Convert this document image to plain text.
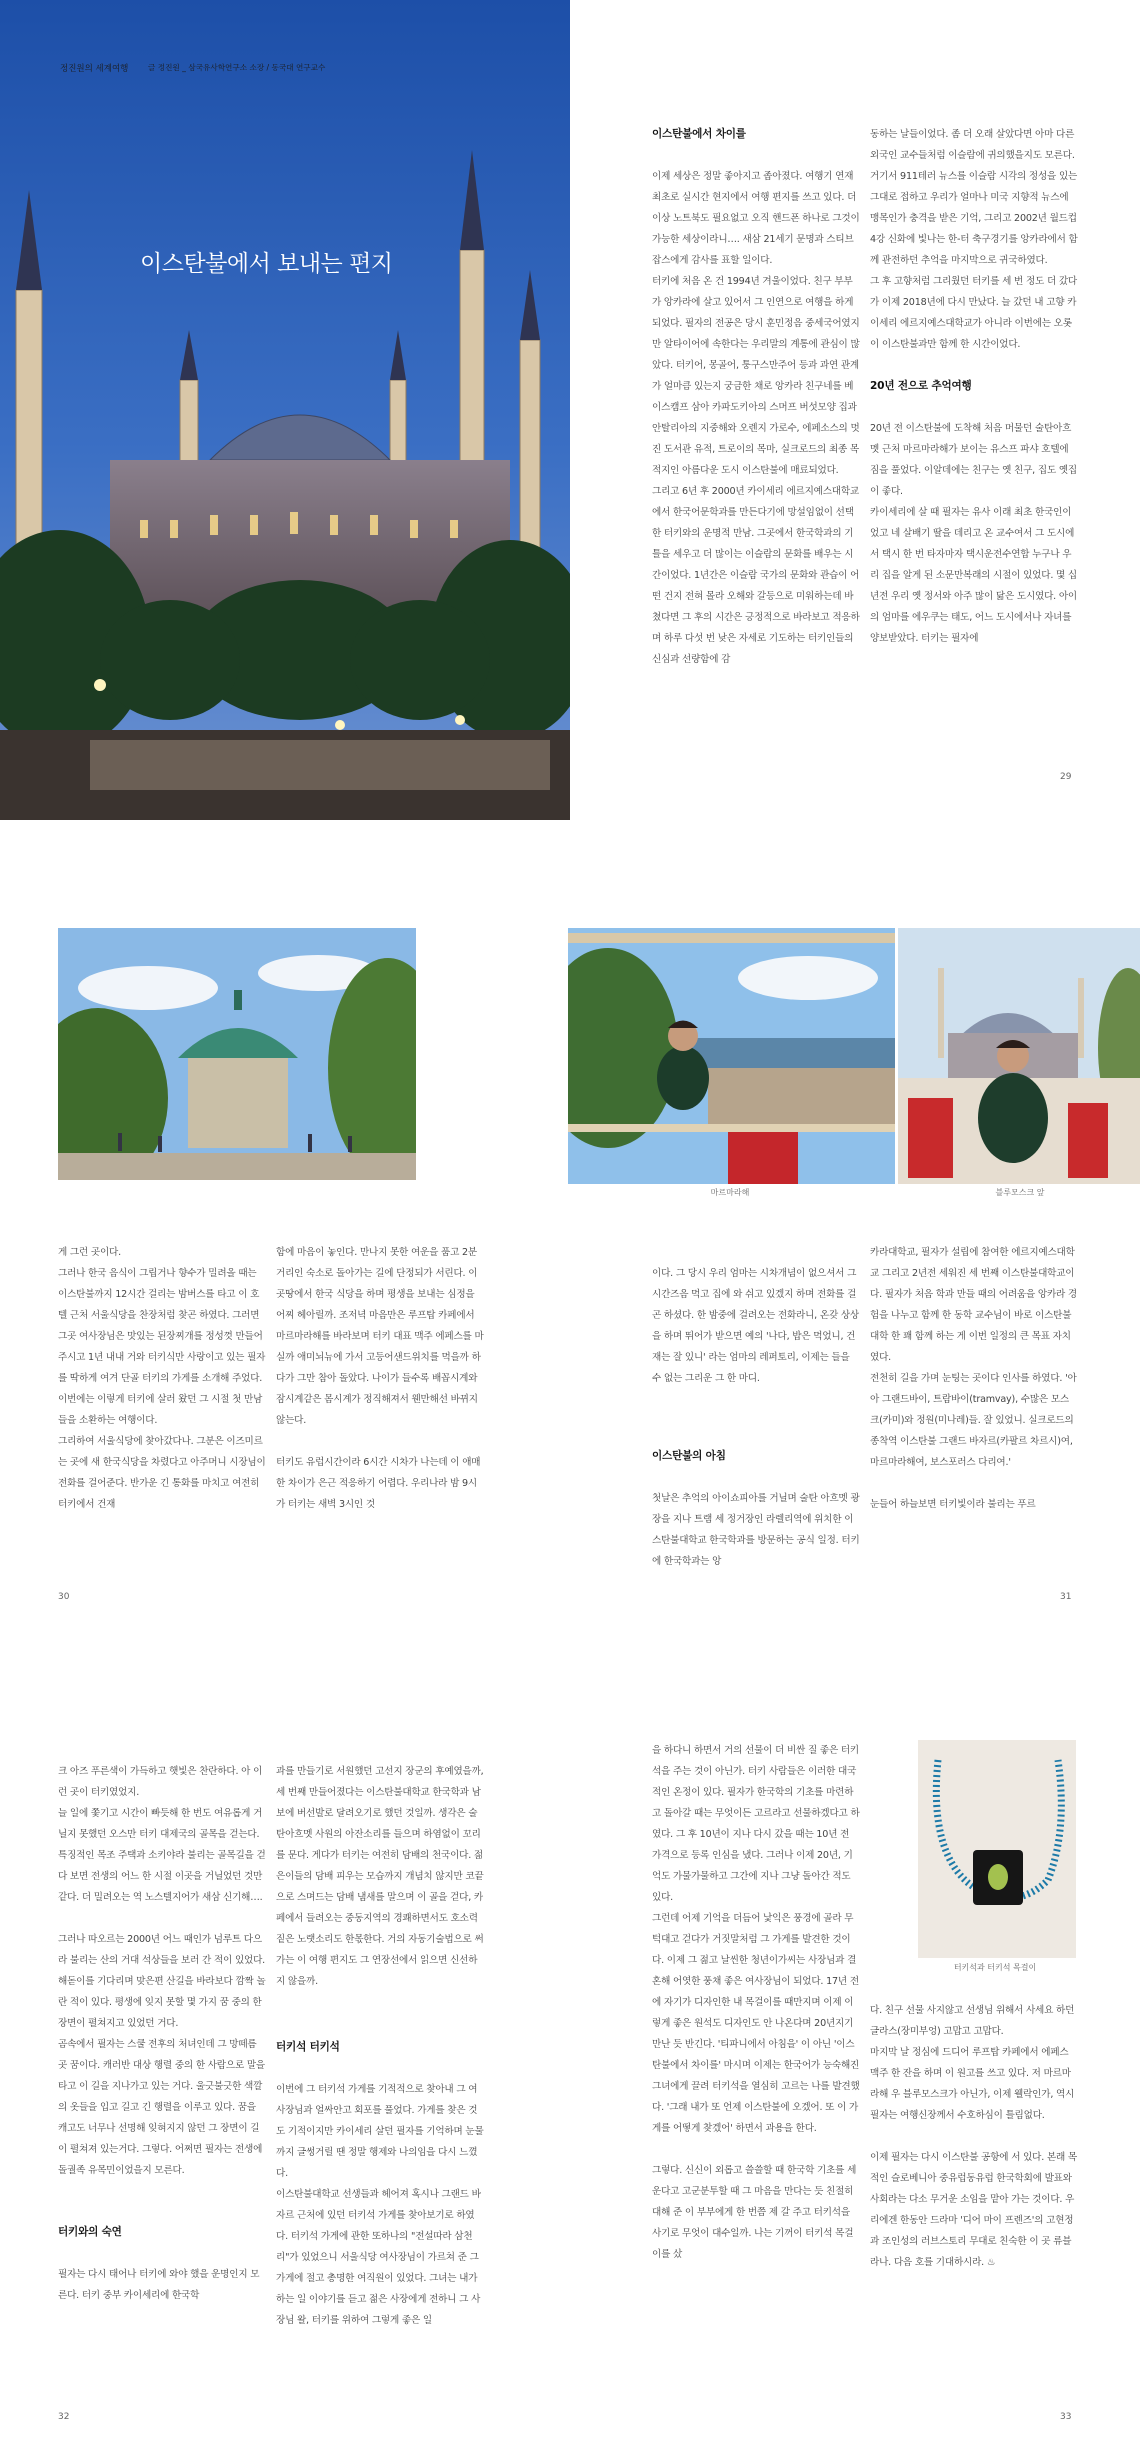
정진원의 세계여행	글 정진원 _ 삼국유사학연구소 소장 / 동국대 연구교수
이스탄불에서 보내는 편지

이스탄불에서 차이를

이제 세상은 정말 좋아지고 좁아졌다. 여행기 연재 최초로 실시간 현지에서 여행 편지를 쓰고 있다. 더 이상 노트북도 필요없고 오직 핸드폰 하나로 그것이 가능한 세상이라니…. 새삼 21세기 문명과 스티브 잡스에게 감사를 표할 일이다.
터키에 처음 온 건 1994년 겨울이었다. 친구 부부가 앙카라에 살고 있어서 그 인연으로 여행을 하게 되었다. 필자의 전공은 당시 훈민정음 중세국어였지만 알타이어에 속한다는 우리말의 계통에 관심이 많았다. 터키어, 몽골어, 퉁구스만주어 등과 과연 관계가 얼마큼 있는지 궁금한 채로 앙카라 친구네를 베이스캠프 삼아 카파도키아의 스머프 버섯모양 집과 안탈리아의 지중해와 오렌지 가로수, 에페소스의 멋진 도서관 유적, 트로이의 목마, 실크로드의 최종 목적지인 아름다운 도시 이스탄불에 매료되었다.
그리고 6년 후 2000년 카이세리 에르지예스대학교에서 한국어문학과를 만든다기에 망설임없이 선택한 터키와의 운명적 만남. 그곳에서 한국학과의 기틀을 세우고 더 많이는 이슬람의 문화를 배우는 시간이었다. 1년간은 이슬람 국가의 문화와 관습이 어떤 건지 전혀 몰라 오해와 갈등으로 미워하는데 바쳤다면 그 후의 시간은 긍정적으로 바라보고 적응하며 하루 다섯 번 낮은 자세로 기도하는 터키인들의 신심과 선량함에 감

동하는 날들이었다. 좀 더 오래 살았다면 아마 다른 외국인 교수들처럼 이슬람에 귀의했을지도 모른다. 거기서 911테러 뉴스를 이슬람 시각의 정성을 있는 그대로 접하고 우리가 얼마나 미국 지향적 뉴스에 맹목인가 충격을 받은 기억, 그리고 2002년 월드컵 4강 신화에 빛나는 한-터 축구경기를 앙카라에서 함께 관전하던 추억을 마지막으로 귀국하였다.
그 후 고향처럼 그리웠던 터키를 세 번 정도 더 갔다가 이제 2018년에 다시 만났다. 늘 갔던 내 고향 카이세리 에르지예스대학교가 아니라 이번에는 오롯이 이스탄불과만 함께 한 시간이었다.

20년 전으로 추억여행

20년 전 이스탄불에 도착해 처음 머물던 술탄아흐멧 근처 마르마라해가 보이는 유스프 파샤 호텔에 짐을 풀었다. 이알데에는 친구는 옛 친구, 집도 옛집이 좋다.
카이세리에 살 때 필자는 유사 이래 최초 한국인이었고 네 살배기 딸을 데리고 온 교수여서 그 도시에서 택시 한 번 타자마자 택시운전수연합 누구나 우리 집을 알게 된 소문만복래의 시절이 있었다. 몇 십 년전 우리 옛 정서와 아주 많이 닮은 도시였다. 아이의 엄마를 에우쿠는 태도, 어느 도시에서나 자녀를 양보받았다. 터키는 필자에

29
마르마라해	블루모스크 앞
게 그런 곳이다.
그러나 한국 음식이 그립거나 향수가 밀려올 때는 이스탄불까지 12시간 걸리는 밤버스를 타고 이 호텔 근처 서울식당을 찬장처럼 찾곤 하였다. 그러면 그곳 여사장님은 맛있는 된장찌개를 정성껏 만들어 주시고 1년 내내 거와 터키식만 사랑이고 있는 필자를 딱하게 여겨 단골 터키의 가게를 소개해 주었다. 이번에는 이렇게 터키에 살러 왔던 그 시절 첫 만남들을 소환하는 여행이다.
그리하여 서울식당에 찾아갔다나. 그분은 이즈미르는 곳에 새 한국식당을 차렸다고 아주머니 시장님이 전화를 걸어준다. 반가운 긴 통화를 마치고 여전히 터키에서 건재
함에 마음이 놓인다. 만나지 못한 여운을 품고 2분 거리인 숙소로 돌아가는 길에 단정되가 서린다. 이곳땅에서 한국 식당을 하며 평생을 보내는 심정을 어찌 헤아릴까. 조저녁 마음만은 루프탑 카페에서 마르마라해를 바라보며 터키 대표 맥주 에페스를 마실까 애미뇌뉴에 가서 고등어샌드위치를 먹을까 하다가 그만 참아 돌았다. 나이가 들수록 배꼽시계와 잠시계같은 몸시계가 정직해져서 웬만해선 바뀌지 않는다.

터키도 유럽시간이라 6시간 시차가 나는데 이 애매한 차이가 은근 적응하기 어렵다. 우리나라 밤 9시가 터키는 새벽 3시인 것

이다. 그 당시 우리 엄마는 시차개념이 없으셔서 그 시간즈음 먹고 집에 와 쉬고 있겠지 하며 전화를 걸곤 하셨다. 한 밤중에 걸려오는 전화라니, 온갖 상상을 하며 뛰어가 받으면 예의 '나다, 밥은 먹었니, 건재는 잘 있니' 라는 엄마의 레퍼토리, 이제는 들을 수 없는 그리운 그 한 마디.

이스탄불의 아침

첫날은 추억의 아이쇼피아를 거닐며 술탄 아흐멧 광장을 지나 트램 세 정거장인 라렐리역에 위치한 이스탄불대학교 한국학과를 방문하는 공식 일정. 터키에 한국학과는 앙

카라대학교, 필자가 설립에 참여한 에르지예스대학교 그리고 2년전 세워진 세 번째 이스탄불대학교이다. 필자가 처음 학과 만들 때의 어려움을 앙카라 경험을 나누고 함께 한 동학 교수님이 바로 이스탄불대학 한 꽤 함께 하는 게 이번 일정의 큰 목표 자치였다.
전천히 길을 가며 눈팅는 곳이다 인사를 하였다. '아아 그랜드바이, 트람바이(tramvay), 수많은 모스크(카미)와 정원(미나레)들. 잘 있었니. 실크로드의 종착역 이스탄불 그랜드 바자르(카팔르 차르시)여, 마르마라해여, 보스포러스 다리여.'

눈들어 하늘보면 터키빛이라 불리는 푸르
30	31
터키석과 터키석 목걸이

크 아즈 푸른색이 가득하고 햇빛은 찬란하다. 아 이런 곳이 터키였었지.
늘 일에 쫓기고 시간이 빠듯해 한 번도 여유롭게 거닐지 못했던 오스만 터키 대제국의 골목을 걷는다. 특징적인 목조 주택과 소키야라 불리는 골목길을 걷다 보면 전생의 어느 한 시절 이곳을 거닐었던 것만 같다. 더 밀려오는 역 노스텔지어가 새삼 신기해….

그러나 따오르는 2000년 어느 때인가 넘루트 다으라 불리는 산의 거대 석상들을 보러 간 적이 있었다. 해돋이를 기다리며 맞은편 산길을 바라보다 깜짝 놀란 적이 있다. 평생에 잊지 못할 몇 가지 꿈 중의 한 장면이 펼쳐지고 있었던 거다.
곰속에서 필자는 스쿨 전후의 처녀인데 그 망떼름 곳 꿈이다. 캐러반 대상 행렬 중의 한 사람으로 말을 타고 이 길을 지나가고 있는 거다. 울긋불긋한 색깔의 옷들을 입고 길고 긴 행렬을 이루고 있다. 꿈을 캐고도 너무나 선명해 잊혀지지 않던 그 장면이 길이 펼쳐져 있는거다. 그렇다. 어쩌면 필자는 전생에 돌궐족 유목민이었을지 모른다.

터키와의 숙연

필자는 다시 태어나 터키에 와야 했을 운명인지 모른다. 터키 중부 카이세리에 한국학

과를 만들기로 서원했던 고선지 장군의 후예였을까, 세 번째 만들어졌다는 이스탄불대학교 한국학과 남보에 버선발로 달려오기로 했던 것일까. 생각은 술탄아흐멧 사원의 아잔소리를 들으며 하염없이 꼬리를 문다. 게다가 터키는 여전히 담배의 천국이다. 젊은이들의 담배 피우는 모습까지 개념치 않지만 코끝으로 스며드는 담배 냄새를 말으며 이 골을 걷다, 카페에서 들려오는 중동지역의 경쾌하면서도 호소력 짙은 노랫소리도 한몫한다. 거의 자동기술법으로 써가는 이 여행 편지도 그 연장선에서 읽으면 신선하지 않을까.

터키석 터키석

이번에 그 터키석 가게를 기적적으로 찾아내 그 여사장님과 얼싸안고 회포를 풀었다. 가게를 찾은 것도 기적이지만 카이세리 살던 필자를 기억하며 눈물까지 글썽거릴 땐 정말 행제와 나의임을 다시 느꼈다.
이스탄불대학교 선생들과 헤어져 혹시나 그랜드 바자르 근처에 있던 터키석 가게를 찾아보기로 하였다. 터키석 가게에 관한 또하나의 "전설따라 삼천리"가 있었으니 서울식당 여사장님이 가르쳐 준 그 가게에 절고 총명한 여직원이 있었다. 그녀는 내가 하는 일 이야기를 듣고 젊은 사장에게 전하니 그 사장님 왈, 터키를 위하여 그렇게 좋은 일

을 하다니 하면서 거의 선물이 더 비싼 질 좋은 터키석을 주는 것이 아닌가. 터키 사람들은 이러한 대국적인 온정이 있다. 필자가 한국학의 기초를 마련하고 돌아갈 때는 무엇이든 고르라고 선물하겠다고 하였다. 그 후 10년이 지나 다시 갔을 때는 10년 전 가격으로 등록 인심을 냈다. 그러나 이제 20년, 기억도 가물가물하고 그간에 지나 그냥 돌아간 적도 있다.
그런데 어제 기억을 더듬어 낯익은 풍경에 골라 무턱대고 걷다가 거짓말처럼 그 가게를 발견한 것이다. 이제 그 젊고 날씬한 청년이가씨는 사장님과 결혼해 어엿한 풍채 좋은 여사장님이 되었다. 17년 전에 자기가 디자인한 내 목걸이를 때만지며 이제 이렇게 좋은 원석도 디자인도 안 나온다며 20년지기 만난 듯 반긴다. '티파니에서 아침을' 이 아닌 '이스탄불에서 차이를' 마시며 이제는 한국어가 능숙해진 그녀에게 끌려 터키석을 열심히 고르는 나를 발견했다. '그래 내가 또 언제 이스탄불에 오겠어. 또 이 가게를 어떻게 찾겠어' 하면서 과용을 한다.

그렇다. 신신이 외롭고 쓸쓸할 때 한국학 기초를 세운다고 고군분투할 때 그 마음을 만다는 듯 친절히 대해 준 이 부부에게 한 번쯤 제 갈 주고 터키석을 사기로 무엇이 대수일까. 나는 기꺼이 터키석 목걸이를 샀
다. 친구 선물 사지않고 선생님 위해서 사세요 하던 글라스(장미부엉) 고맙고 고맙다.
마지막 날 정심에 드디어 루프탑 카페에서 에페스 맥주 한 잔을 하며 이 원고를 쓰고 있다. 저 마르마라해 우 블루모스크가 아닌가, 이제 웰락인가, 역시 필자는 여행신장께서 수호하심이 틀림없다.

이제 필자는 다시 이스탄불 공항에 서 있다. 본래 목적인 슬로베니아 중유럽동유럽 한국학회에 발표와 사회라는 다소 무거운 소임을 맡아 가는 것이다. 우리에겐 한동안 드라마 '디어 마이 프렌즈'의 고현정과 조인성의 러브스토리 무대로 친숙한 이 곳 류블라나. 다음 호를 기대하시라. ♨
32	33
